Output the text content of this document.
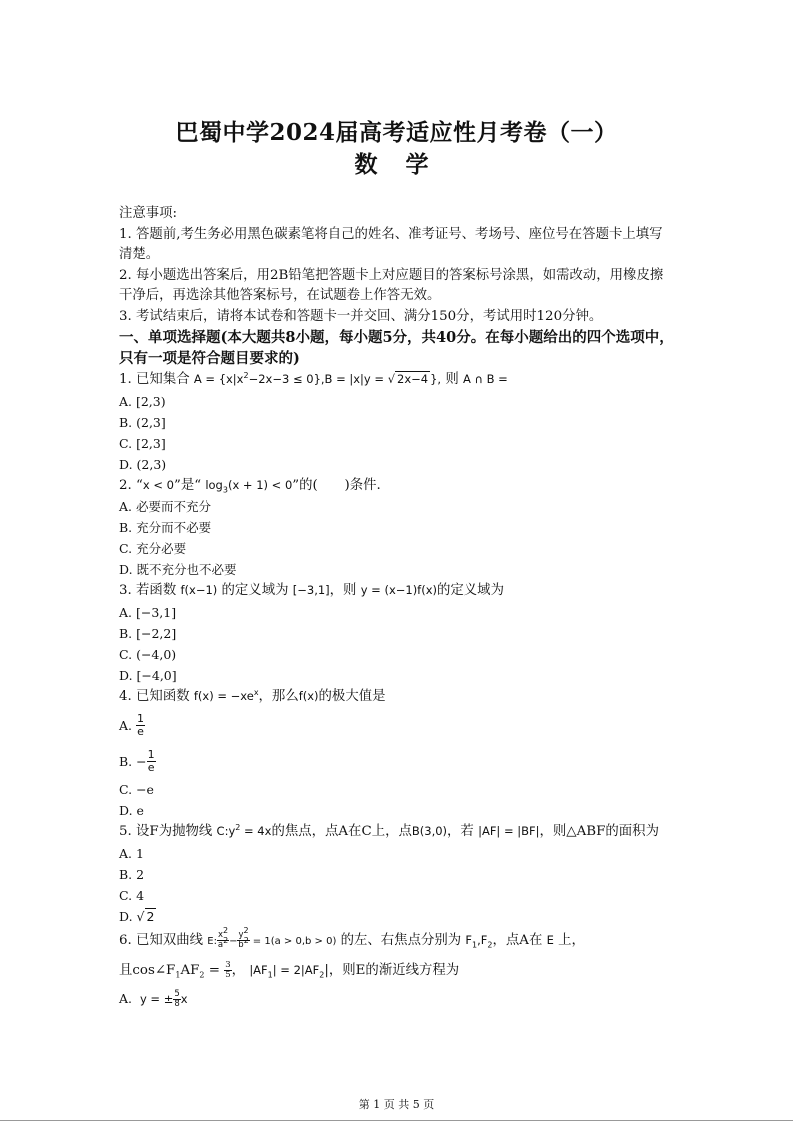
巴蜀中学2024届高考适应性月考卷（一）
数 学

注意事项:

1. 答题前,考生务必用黑色碳素笔将自己的姓名、准考证号、考场号、座位号在答题卡上填写清楚。

2. 每小题选出答案后，用2B铅笔把答题卡上对应题目的答案标号涂黑，如需改动，用橡皮擦干净后，再选涂其他答案标号，在试题卷上作答无效。

3. 考试结束后，请将本试卷和答题卡一并交回、满分150分，考试用时120分钟。

一、单项选择题(本大题共8小题，每小题5分，共40分。在每小题给出的四个选项中，只有一项是符合题目要求的)

1. 已知集合 $A = \{x|x^2-2x-3 \le 0\},B = |x|y$ = √ 2x−4 }, 则 A ∩ B =

A. [2,3)

B. (2,3]

C. [2,3]

D. (2,3)

2. “x < 0”是“ $\log_3(x + 1) < 0$”的(　　)条件.

A. 必要而不充分

B. 充分而不必要

C. 充分必要

D. 既不充分也不必要

3. 若函数 f(x−1) 的定义域为 [−3,1]，则 y = (x−1)f(x)的定义域为

A. [−3,1]

B. [−2,2]

C. (−4,0)

D. [−4,0]

4. 已知函数 $f(x) = -xe^x$，那么f(x)的极大值是

A.
$\frac{1}{e}$
B. − $\frac{1}{e}$

C. −e

D. e

5. 设F为抛物线 $C:y^2 = 4x$的焦点，点A在C上，点B(3,0)，若 |AF| = |BF|，则△ABF的面积为

A. 1

B. 2

C. 4

D. √ 2

6. 已知双曲线 E: $\frac{x^2}{a^2} - \frac{y^2}{b^2} = 1(a > 0,b > 0)$ 的左、右焦点分别为 $F_1,F_2$，点A在 E 上，

且$\cos\angle F_1AF_2 = \frac{3}{5}$ ， $|AF_1| = 2|AF_2|$，则E的渐近线方程为

A. y = ± $\frac{5}{8}$ x

第 1 页 共 5 页
